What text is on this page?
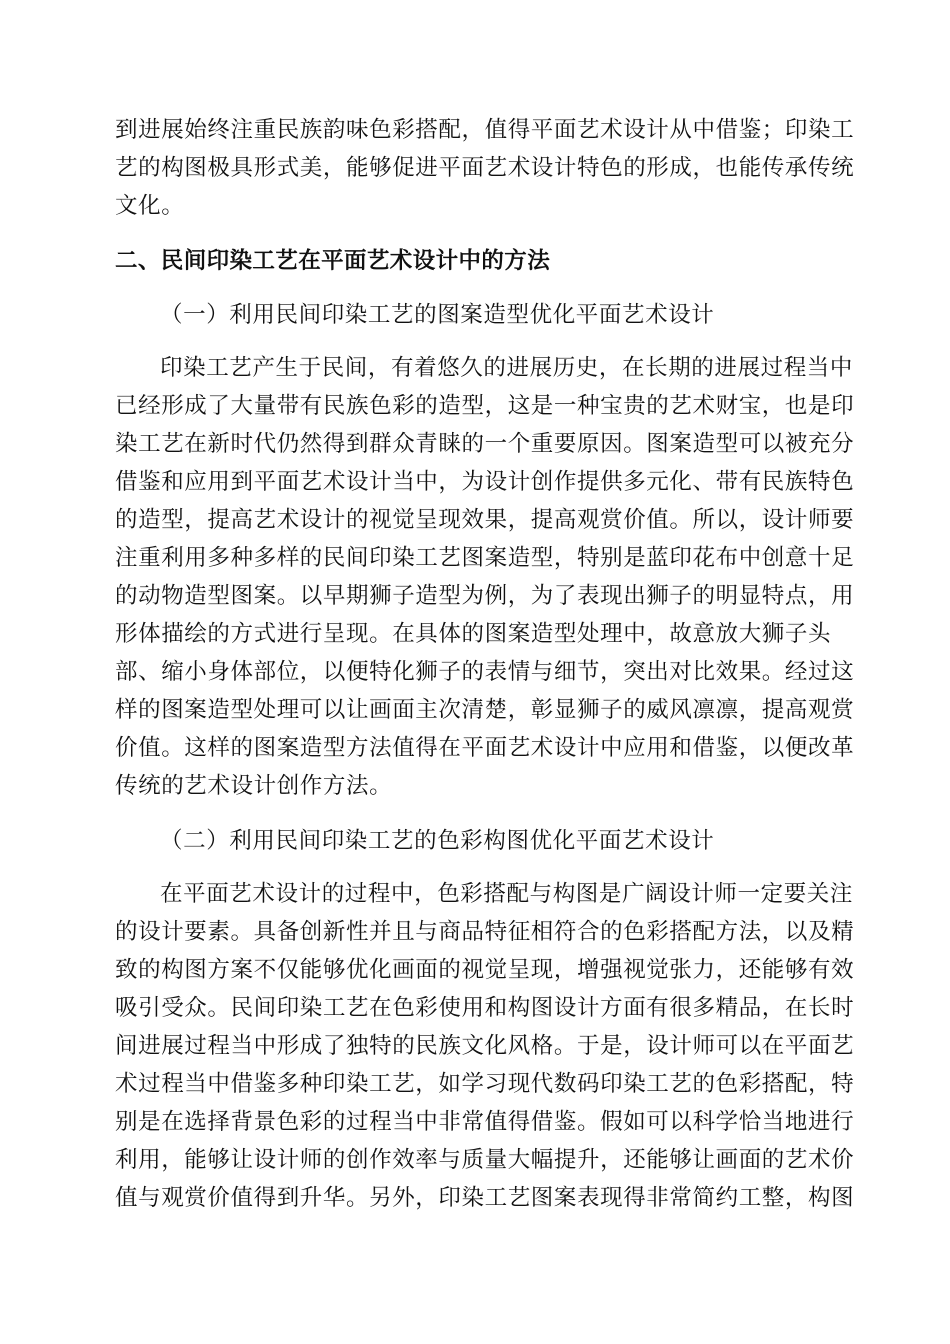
到进展始终注重民族韵味色彩搭配，值得平面艺术设计从中借鉴；印染工
艺的构图极具形式美，能够促进平面艺术设计特色的形成，也能传承传统
文化。
二、民间印染工艺在平面艺术设计中的方法
（一）利用民间印染工艺的图案造型优化平面艺术设计
印染工艺产生于民间，有着悠久的进展历史，在长期的进展过程当中
已经形成了大量带有民族色彩的造型，这是一种宝贵的艺术财宝，也是印
染工艺在新时代仍然得到群众青睐的一个重要原因。图案造型可以被充分
借鉴和应用到平面艺术设计当中，为设计创作提供多元化、带有民族特色
的造型，提高艺术设计的视觉呈现效果，提高观赏价值。所以，设计师要
注重利用多种多样的民间印染工艺图案造型，特别是蓝印花布中创意十足
的动物造型图案。以早期狮子造型为例，为了表现出狮子的明显特点，用
形体描绘的方式进行呈现。在具体的图案造型处理中，故意放大狮子头
部、缩小身体部位，以便特化狮子的表情与细节，突出对比效果。经过这
样的图案造型处理可以让画面主次清楚，彰显狮子的威风凛凛，提高观赏
价值。这样的图案造型方法值得在平面艺术设计中应用和借鉴，以便改革
传统的艺术设计创作方法。
（二）利用民间印染工艺的色彩构图优化平面艺术设计
在平面艺术设计的过程中，色彩搭配与构图是广阔设计师一定要关注
的设计要素。具备创新性并且与商品特征相符合的色彩搭配方法，以及精
致的构图方案不仅能够优化画面的视觉呈现，增强视觉张力，还能够有效
吸引受众。民间印染工艺在色彩使用和构图设计方面有很多精品，在长时
间进展过程当中形成了独特的民族文化风格。于是，设计师可以在平面艺
术过程当中借鉴多种印染工艺，如学习现代数码印染工艺的色彩搭配，特
别是在选择背景色彩的过程当中非常值得借鉴。假如可以科学恰当地进行
利用，能够让设计师的创作效率与质量大幅提升，还能够让画面的艺术价
值与观赏价值得到升华。另外，印染工艺图案表现得非常简约工整，构图
